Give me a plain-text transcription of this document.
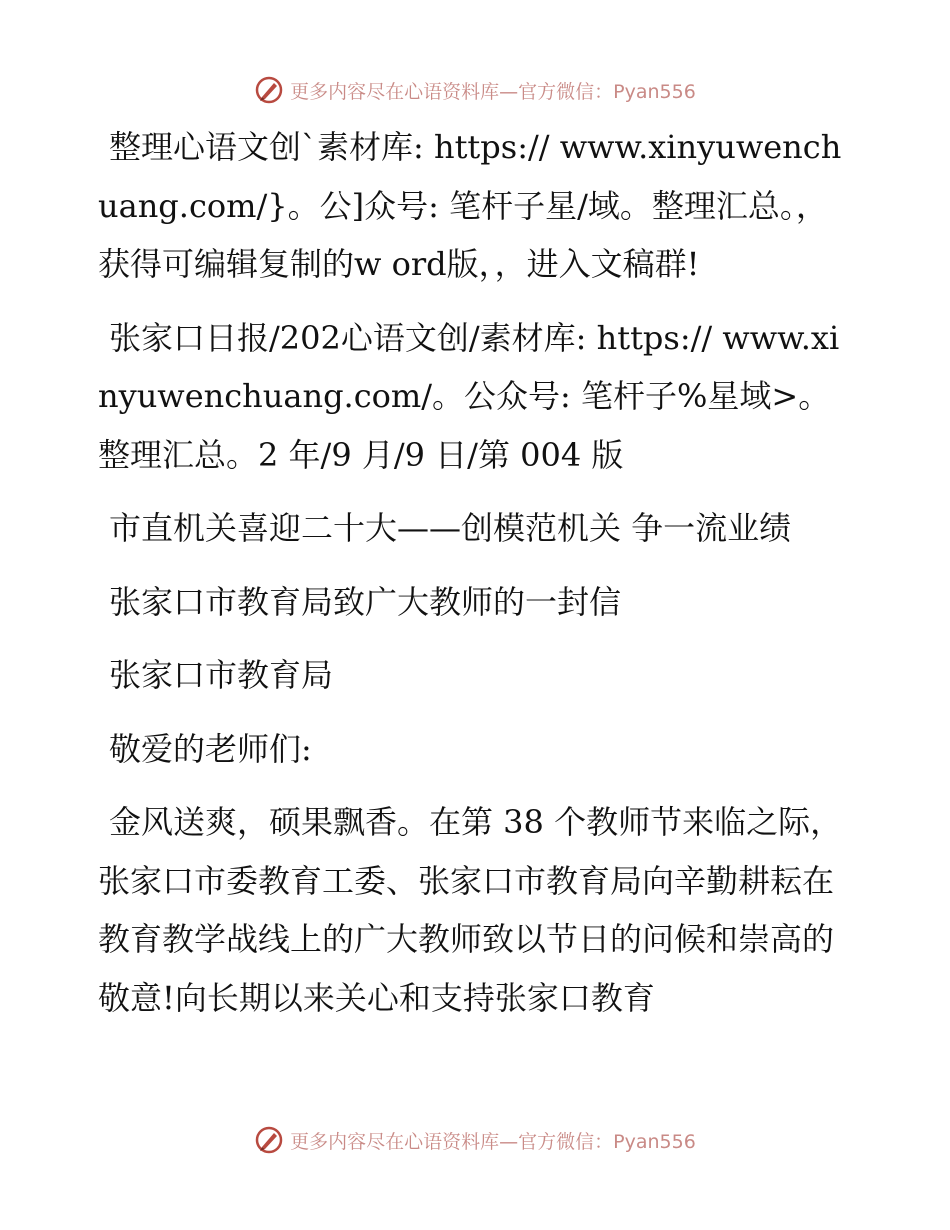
更多内容尽在心语资料库—官方微信：Pyan556

整理心语文创`素材库: https:// www.xinyuwenchuang.com/}。公]众号: 笔杆子星/域。整理汇总。，获得可编辑复制的w ord版，，进入文稿群!

张家口日报/202心语文创/素材库: https:// www.xinyuwenchuang.com/。公众号: 笔杆子%星域>。整理汇总。2 年/9 月/9 日/第 004 版

市直机关喜迎二十大——创模范机关 争一流业绩

张家口市教育局致广大教师的一封信

张家口市教育局

敬爱的老师们:

金风送爽，硕果飘香。在第 38 个教师节来临之际，张家口市委教育工委、张家口市教育局向辛勤耕耘在教育教学战线上的广大教师致以节日的问候和崇高的敬意!向长期以来关心和支持张家口教育

更多内容尽在心语资料库—官方微信：Pyan556
